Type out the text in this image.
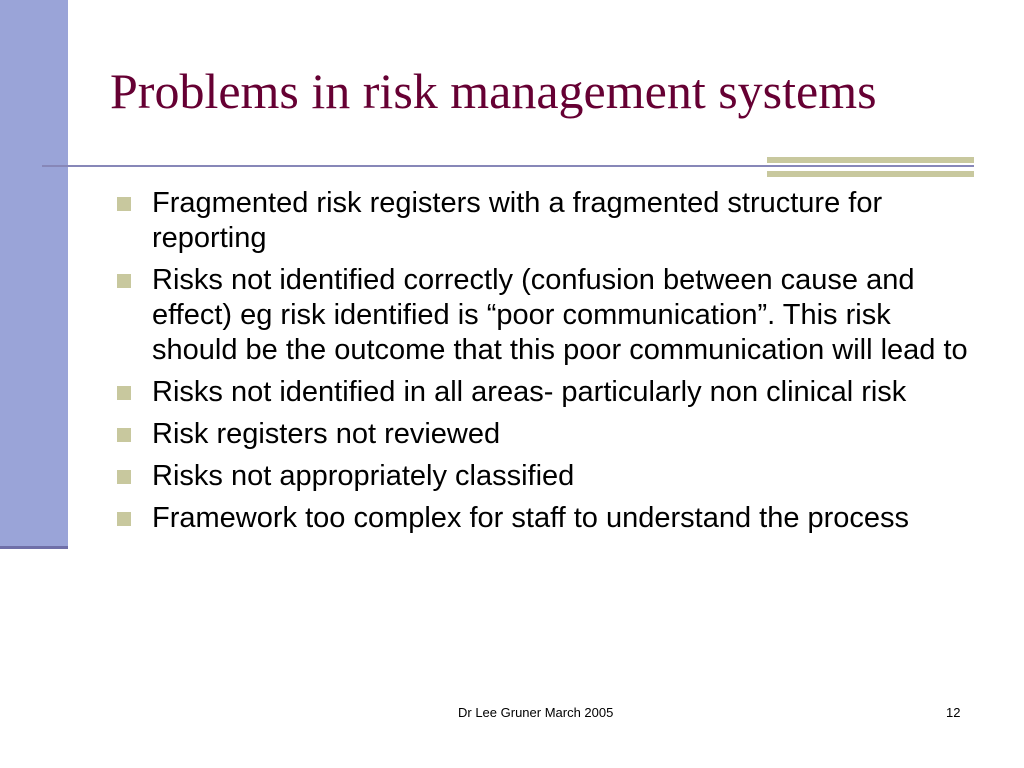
Problems in risk management systems
Fragmented risk registers with a fragmented structure for reporting
Risks not identified correctly (confusion between cause and effect) eg risk identified is “poor communication”. This risk should be the outcome that this poor communication will lead to
Risks not identified in all areas- particularly non clinical risk
Risk registers not reviewed
Risks not appropriately classified
Framework too complex for staff to understand the process
Dr Lee Gruner March 2005	12
